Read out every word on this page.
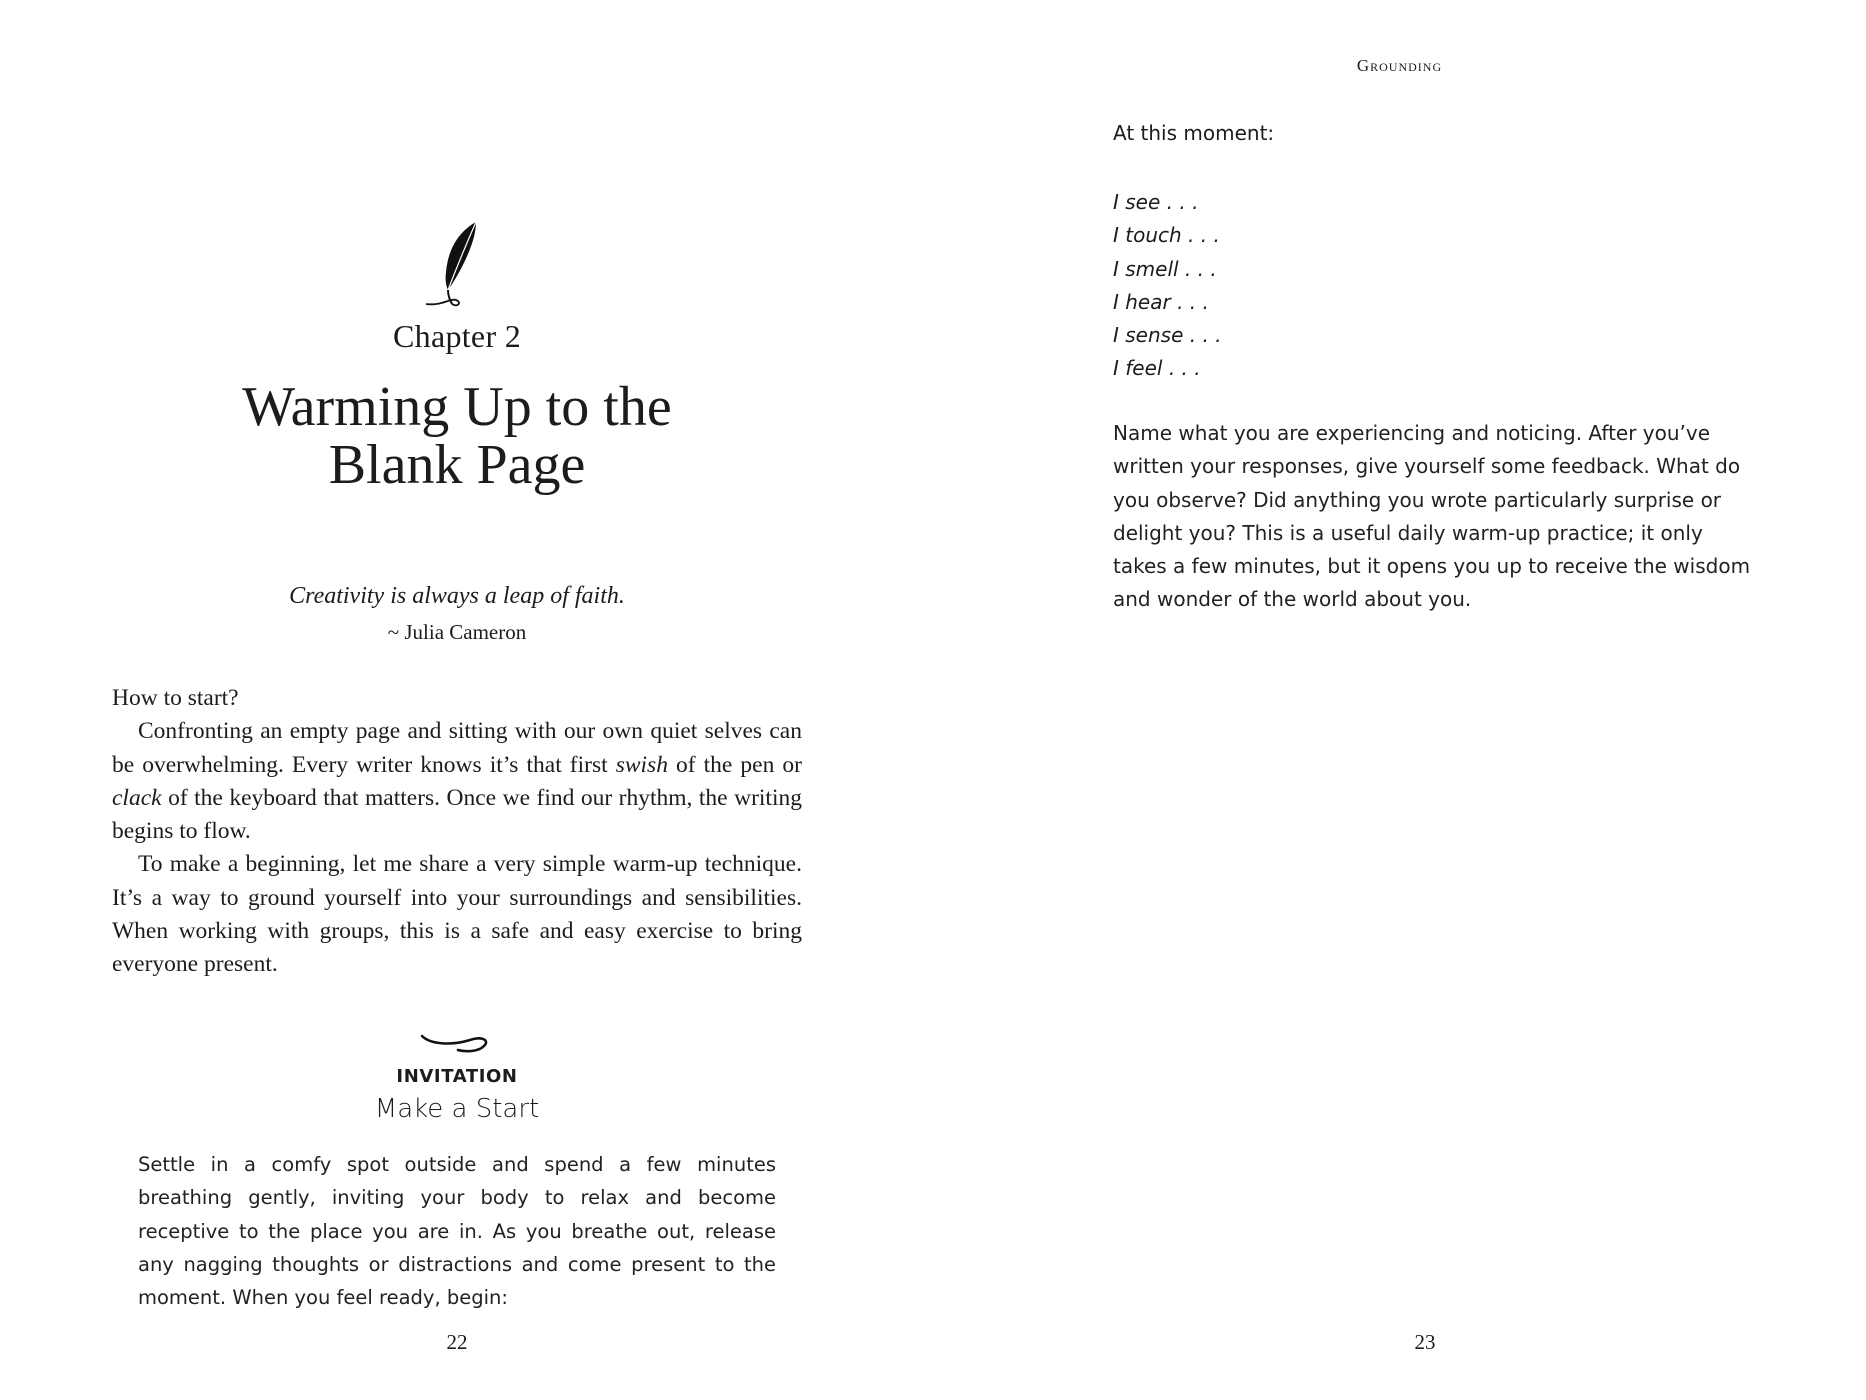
Chapter 2
Warming Up to the
Blank Page
Creativity is always a leap of faith.
~ Julia Cameron

How to start?

Confronting an empty page and sitting with our own quiet selves can be overwhelming. Every writer knows it’s that first swish of the pen or clack of the keyboard that matters. Once we find our rhythm, the writing begins to flow.

To make a beginning, let me share a very simple warm-up technique. It’s a way to ground yourself into your surroundings and sensibilities. When working with groups, this is a safe and easy exercise to bring everyone present.

INVITATION
Make a Start

Settle in a comfy spot outside and spend a few minutes breathing gently, inviting your body to relax and become receptive to the place you are in. As you breathe out, release any nagging thoughts or distractions and come present to the moment. When you feel ready, begin:

22
Grounding

At this moment:

I see . . .
I touch . . .
I smell . . .
I hear . . .
I sense . . .
I feel . . .

Name what you are experiencing and noticing. After you’ve written your responses, give yourself some feedback. What do you observe? Did anything you wrote particularly surprise or delight you? This is a useful daily warm-up practice; it only takes a few minutes, but it opens you up to receive the wisdom and wonder of the world about you.

23
